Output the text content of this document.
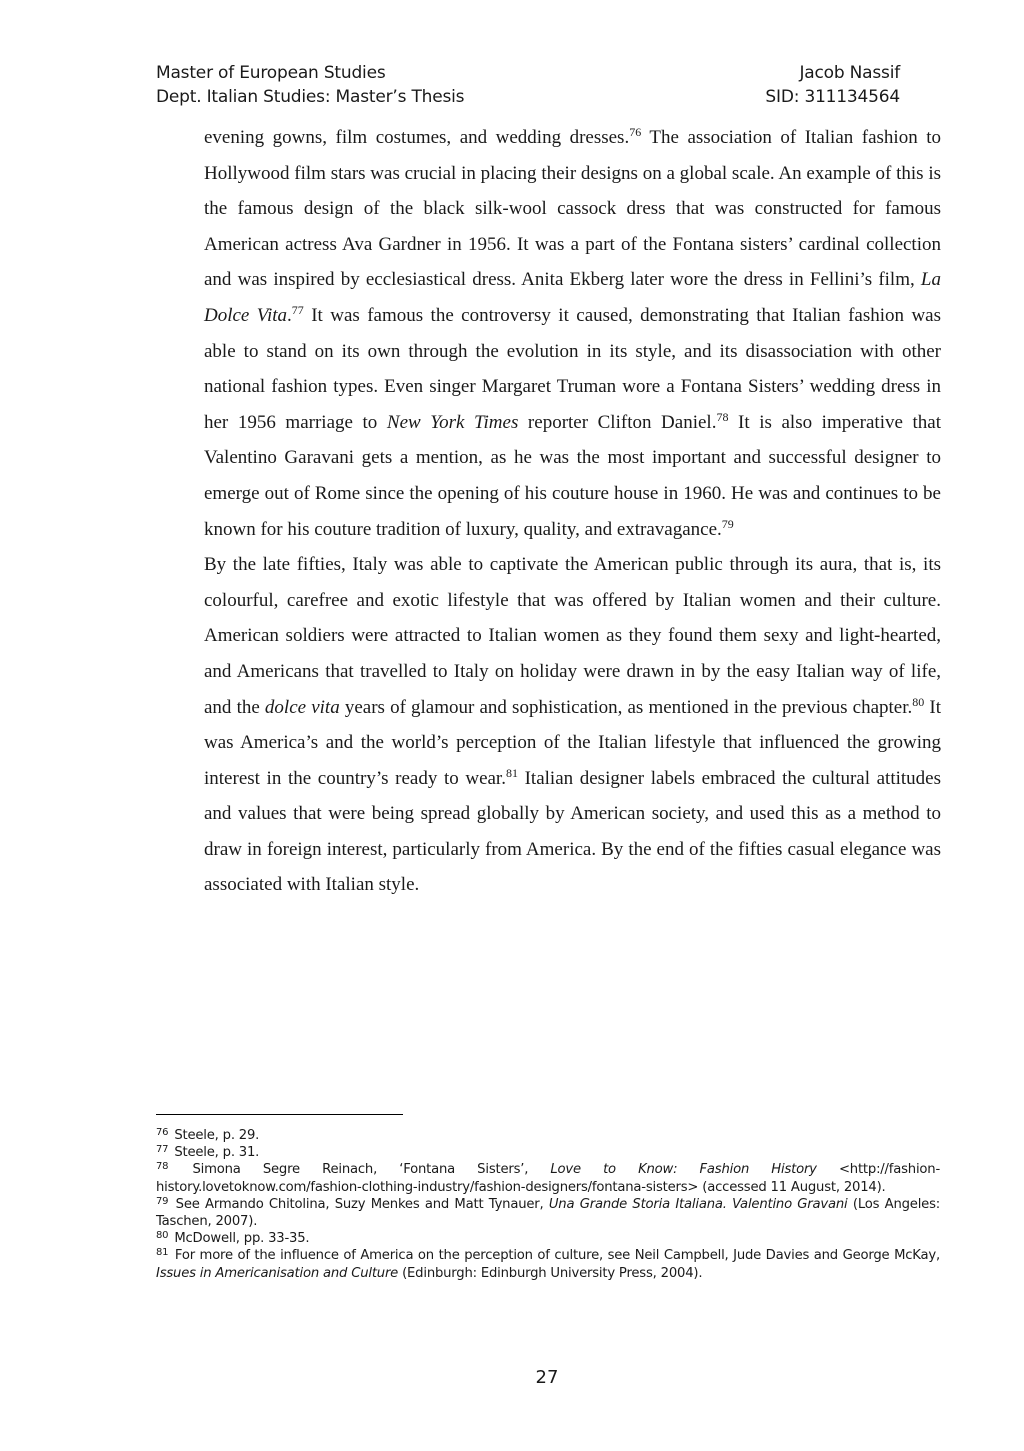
Master of European Studies
Dept. Italian Studies: Master’s Thesis
Jacob Nassif
SID: 311134564

evening gowns, film costumes, and wedding dresses.$^{76}$ The association of Italian fashion to Hollywood film stars was crucial in placing their designs on a global scale. An example of this is the famous design of the black silk-wool cassock dress that was constructed for famous American actress Ava Gardner in 1956. It was a part of the Fontana sisters’ cardinal collection and was inspired by ecclesiastical dress. Anita Ekberg later wore the dress in Fellini’s film, La Dolce Vita.$^{77}$ It was famous the controversy it caused, demonstrating that Italian fashion was able to stand on its own through the evolution in its style, and its disassociation with other national fashion types. Even singer Margaret Truman wore a Fontana Sisters’ wedding dress in her 1956 marriage to New York Times reporter Clifton Daniel.$^{78}$ It is also imperative that Valentino Garavani gets a mention, as he was the most important and successful designer to emerge out of Rome since the opening of his couture house in 1960. He was and continues to be known for his couture tradition of luxury, quality, and extravagance.$^{79}$

By the late fifties, Italy was able to captivate the American public through its aura, that is, its colourful, carefree and exotic lifestyle that was offered by Italian women and their culture. American soldiers were attracted to Italian women as they found them sexy and light-hearted, and Americans that travelled to Italy on holiday were drawn in by the easy Italian way of life, and the dolce vita years of glamour and sophistication, as mentioned in the previous chapter.$^{80}$ It was America’s and the world’s perception of the Italian lifestyle that influenced the growing interest in the country’s ready to wear.$^{81}$ Italian designer labels embraced the cultural attitudes and values that were being spread globally by American society, and used this as a method to draw in foreign interest, particularly from America. By the end of the fifties casual elegance was associated with Italian style.

$^{76}$ Steele, p. 29.

$^{77}$ Steele, p. 31.

$^{78}$ Simona Segre Reinach, ‘Fontana Sisters’, Love to Know: Fashion History <http://fashion-history.lovetoknow.com/fashion-clothing-industry/fashion-designers/fontana-sisters> (accessed 11 August, 2014).

$^{79}$ See Armando Chitolina, Suzy Menkes and Matt Tynauer, Una Grande Storia Italiana. Valentino Gravani (Los Angeles: Taschen, 2007).

$^{80}$ McDowell, pp. 33-35.

$^{81}$ For more of the influence of America on the perception of culture, see Neil Campbell, Jude Davies and George McKay, Issues in Americanisation and Culture (Edinburgh: Edinburgh University Press, 2004).

27
